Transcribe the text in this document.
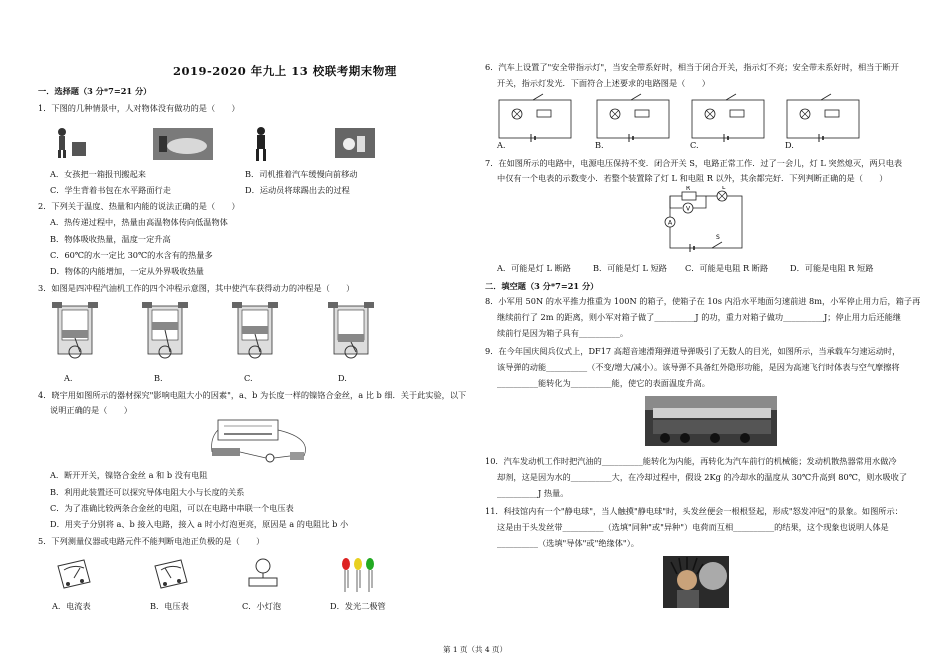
2019-2020 年九上 13 校联考期末物理
一．选择题（3 分*7=21 分）
1．下图的几种情景中，人对物体没有做功的是（　　）
A．女孩把一箱报刊搬起来	B．司机推着汽车缓慢向前移动
C．学生背着书包在水平路面行走	D．运动员将球踢出去的过程
2．下列关于温度、热量和内能的说法正确的是（　　）
A．热传递过程中，热量由高温物体传向低温物体
B．物体吸收热量，温度一定升高
C．60℃的水一定比 30℃的水含有的热量多
D．物体的内能增加，一定从外界吸收热量
3．如图是四冲程汽油机工作的四个冲程示意图，其中使汽车获得动力的冲程是（　　）
A.	B.	C.	D.
4．晓宇用如图所示的器材探究"影响电阻大小的因素"，a、b 为长度一样的镍铬合金丝，a 比 b 细．关于此实验，以下
说明正确的是（　　）
A．断开开关，镍铬合金丝 a 和 b 没有电阻
B．利用此装置还可以探究导体电阻大小与长度的关系
C．为了准确比较两条合金丝的电阻，可以在电路中串联一个电压表
D．用夹子分别将 a、b 接入电路，接入 a 时小灯泡更亮，原因是 a 的电阻比 b 小
5．下列测量仪器或电路元件不能判断电池正负极的是（　　）
A．电流表	B．电压表	C．小灯泡	D．发光二极管
6．汽车上设置了"安全带指示灯"，当安全带系好时，相当于闭合开关，指示灯不亮；安全带未系好时，相当于断开
开关，指示灯发光．下面符合上述要求的电路图是（　　）
A.	B.	C.	D.
7．在如图所示的电路中，电源电压保持不变．闭合开关 S，电路正常工作．过了一会儿，灯 L 突然熄灭，两只电表
中仅有一个电表的示数变小．若整个装置除了灯 L 和电阻 R 以外，其余都完好．下列判断正确的是（　　）
R	L
V
A
S
A．可能是灯 L 断路	B．可能是灯 L 短路 C．可能是电阻 R 断路	D．可能是电阻 R 短路
二．填空题（3 分*7=21 分）
8．小军用 50N 的水平推力推重为 100N 的箱子，使箱子在 10s 内沿水平地面匀速前进 8m，小军停止用力后，箱子再
继续前行了 2m 的距离，则小军对箱子做了__________J 的功，重力对箱子做功__________J；停止用力后还能继
续前行是因为箱子具有__________。
9．在今年国庆阅兵仪式上，DF17 高超音速滑翔弹道导弹吸引了无数人的目光，如图所示，当承载车匀速运动时，
该导弹的动能__________（不变/增大/减小）。该导弹不具备红外隐形功能，是因为高速飞行时体表与空气摩擦将
__________能转化为__________能，使它的表面温度升高。
10．汽车发动机工作时把汽油的__________能转化为内能，再转化为汽车前行的机械能；发动机散热器常用水做冷
却剂，这是因为水的__________大，在冷却过程中，假设 2Kg 的冷却水的温度从 30℃升高到 80℃，则水吸收了
__________J 热量。
11．科技馆内有一个"静电球"，当人触摸"静电球"时，头发丝便会一根根竖起，形成"怒发冲冠"的景象。如图所示：
这是由于头发丝带__________（选填"同种"或"异种"）电荷而互相__________的结果，这个现象也说明人体是
__________（选填"导体"或"绝缘体"）。
第 1 页（共 4 页）
